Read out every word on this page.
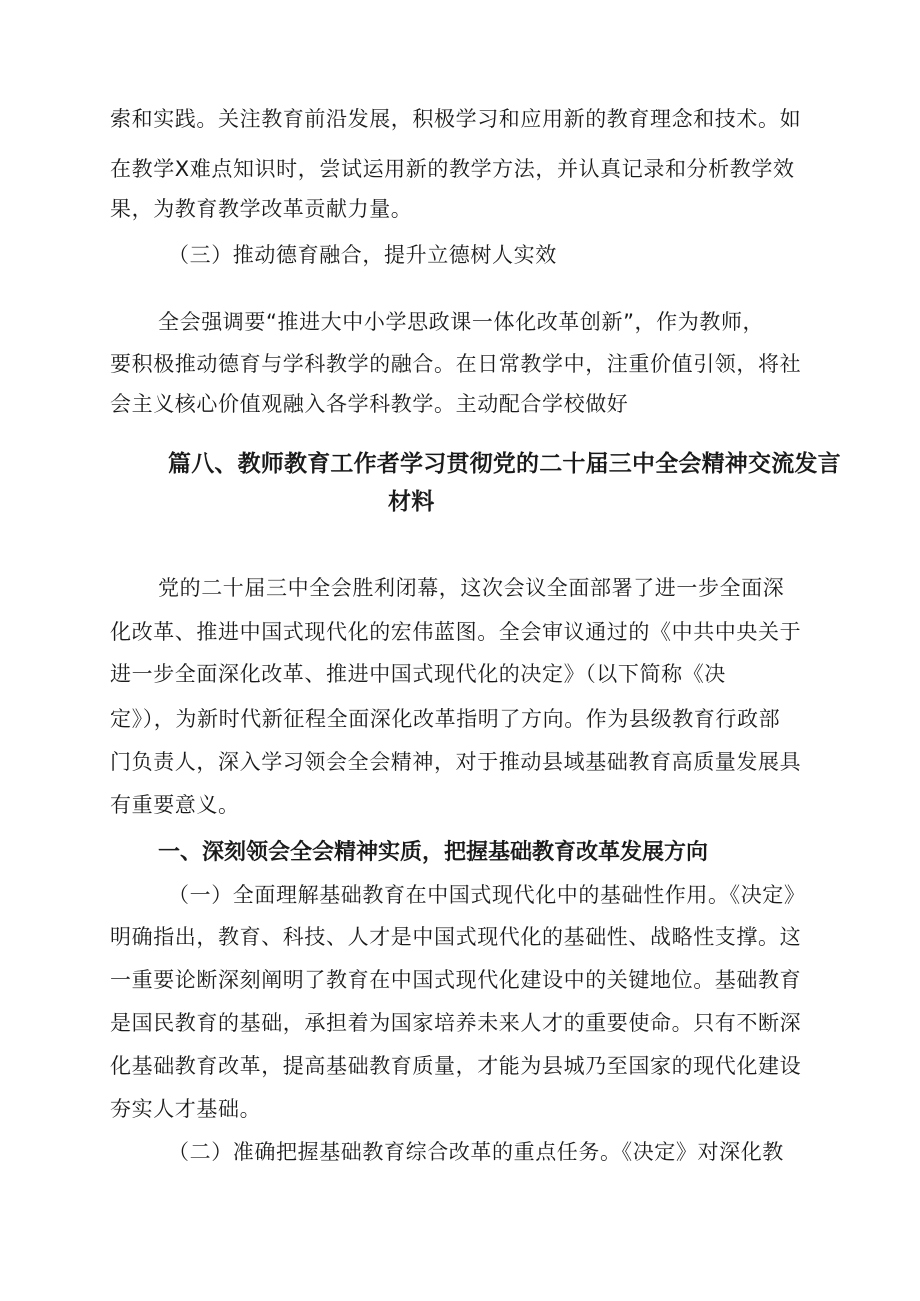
索和实践。关注教育前沿发展，积极学习和应用新的教育理念和技术。如
在教学X难点知识时，尝试运用新的教学方法，并认真记录和分析教学效
果，为教育教学改革贡献力量。
（三）推动德育融合，提升立德树人实效
全会强调要“推进大中小学思政课一体化改革创新”，作为教师，
要积极推动德育与学科教学的融合。在日常教学中，注重价值引领，将社
会主义核心价值观融入各学科教学。主动配合学校做好
篇八、教师教育工作者学习贯彻党的二十届三中全会精神交流发言
材料
党的二十届三中全会胜利闭幕，这次会议全面部署了进一步全面深
化改革、推进中国式现代化的宏伟蓝图。全会审议通过的《中共中央关于
进一步全面深化改革、推进中国式现代化的决定》（以下简称《决
定》），为新时代新征程全面深化改革指明了方向。作为县级教育行政部
门负责人，深入学习领会全会精神，对于推动县域基础教育高质量发展具
有重要意义。
一、深刻领会全会精神实质，把握基础教育改革发展方向
（一）全面理解基础教育在中国式现代化中的基础性作用。《决定》
明确指出，教育、科技、人才是中国式现代化的基础性、战略性支撑。这
一重要论断深刻阐明了教育在中国式现代化建设中的关键地位。基础教育
是国民教育的基础，承担着为国家培养未来人才的重要使命。只有不断深
化基础教育改革，提高基础教育质量，才能为县城乃至国家的现代化建设
夯实人才基础。
（二）准确把握基础教育综合改革的重点任务。《决定》对深化教
